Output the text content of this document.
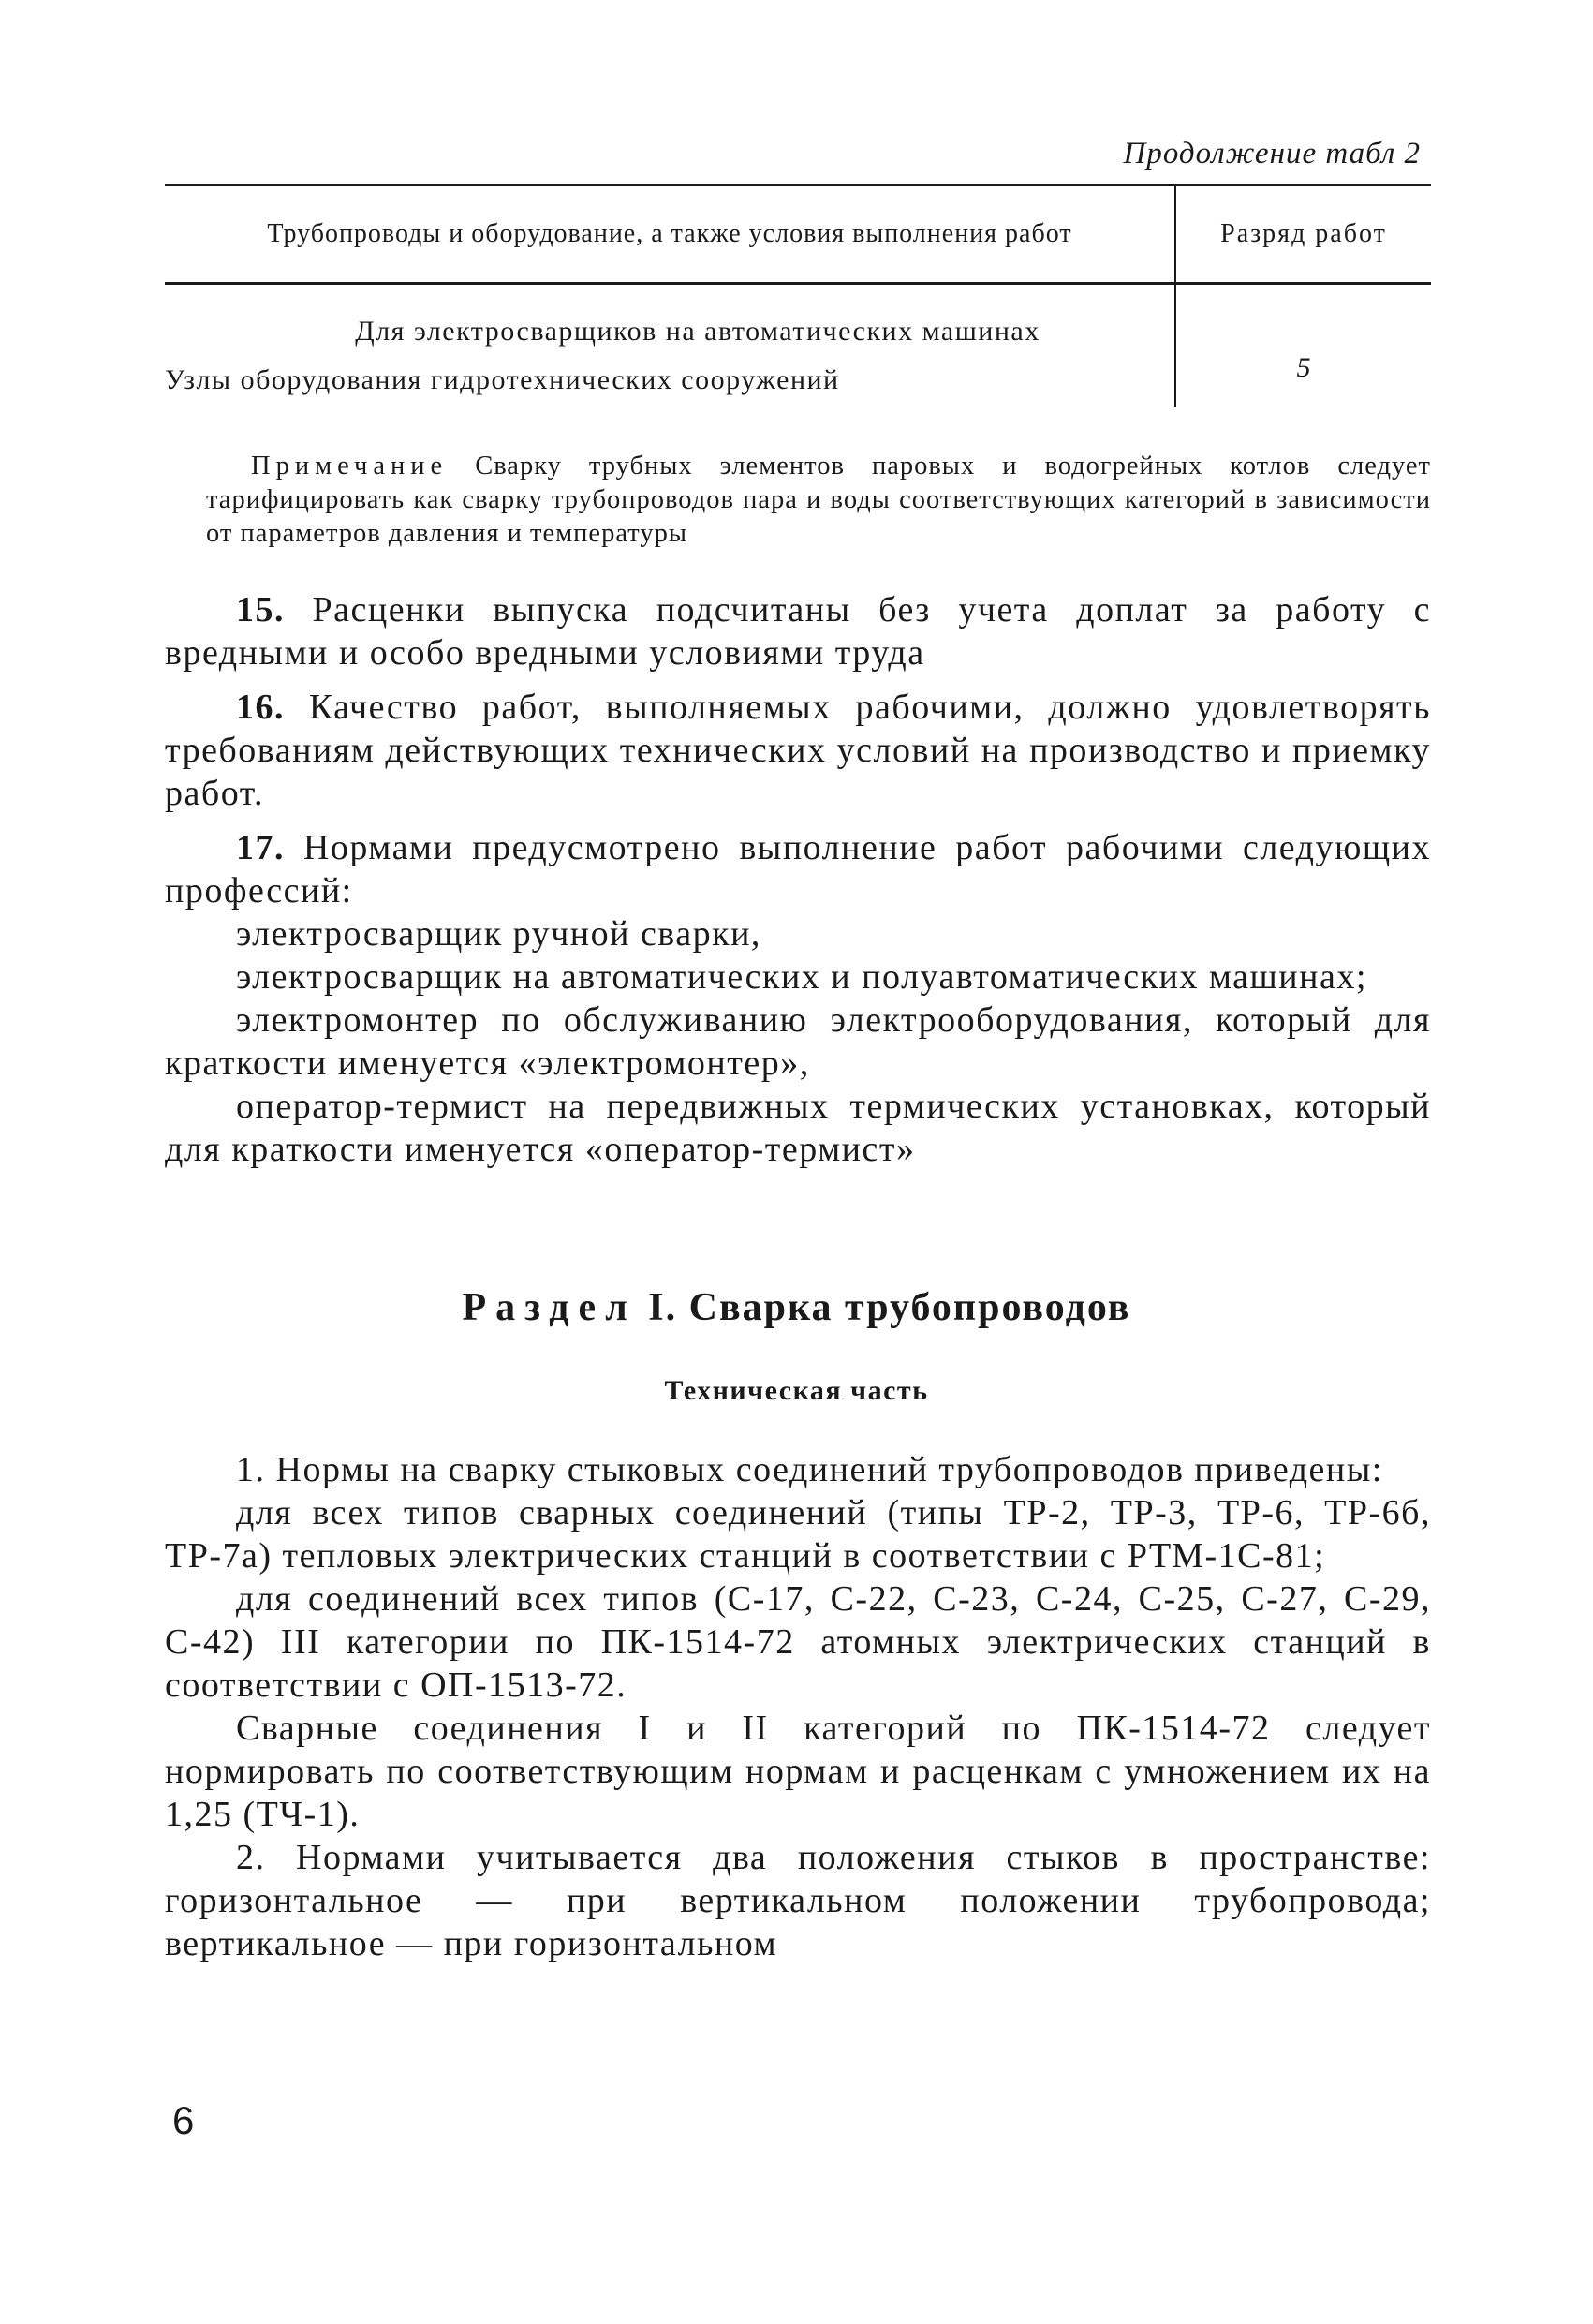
Продолжение табл 2
Трубопроводы и оборудование, а также условия выполнения работ	Разряд работ
Для электросварщиков на автоматических машинах
Узлы оборудования гидротехнических сооружений	5
Примечание Сварку трубных элементов паровых и водогрейных котлов следует тарифицировать как сварку трубопроводов пара и воды соответствующих категорий в зависимости от параметров давления и температуры

15. Расценки выпуска подсчитаны без учета доплат за работу с вредными и особо вредными условиями труда

16. Качество работ, выполняемых рабочими, должно удовлетворять требованиям действующих технических условий на производство и приемку работ.

17. Нормами предусмотрено выполнение работ рабочими следующих профессий:

электросварщик ручной сварки,

электросварщик на автоматических и полуавтоматических машинах;

электромонтер по обслуживанию электрооборудования, который для краткости именуется «электромонтер»,

оператор-термист на передвижных термических установках, который для краткости именуется «оператор-термист»

Раздел I. Сварка трубопроводов
Техническая часть

1. Нормы на сварку стыковых соединений трубопроводов приведены:

для всех типов сварных соединений (типы ТР-2, ТР-3, ТР-6, ТР-6б, ТР-7а) тепловых электрических станций в соответствии с РТМ-1С-81;

для соединений всех типов (С-17, С-22, С-23, С-24, С-25, С-27, С-29, С-42) III категории по ПК-1514-72 атомных электрических станций в соответствии с ОП-1513-72.

Сварные соединения I и II категорий по ПК-1514-72 следует нормировать по соответствующим нормам и расценкам с умножением их на 1,25 (ТЧ-1).

2. Нормами учитывается два положения стыков в пространстве: горизонтальное — при вертикальном положении трубопровода; вертикальное — при горизонтальном

6
